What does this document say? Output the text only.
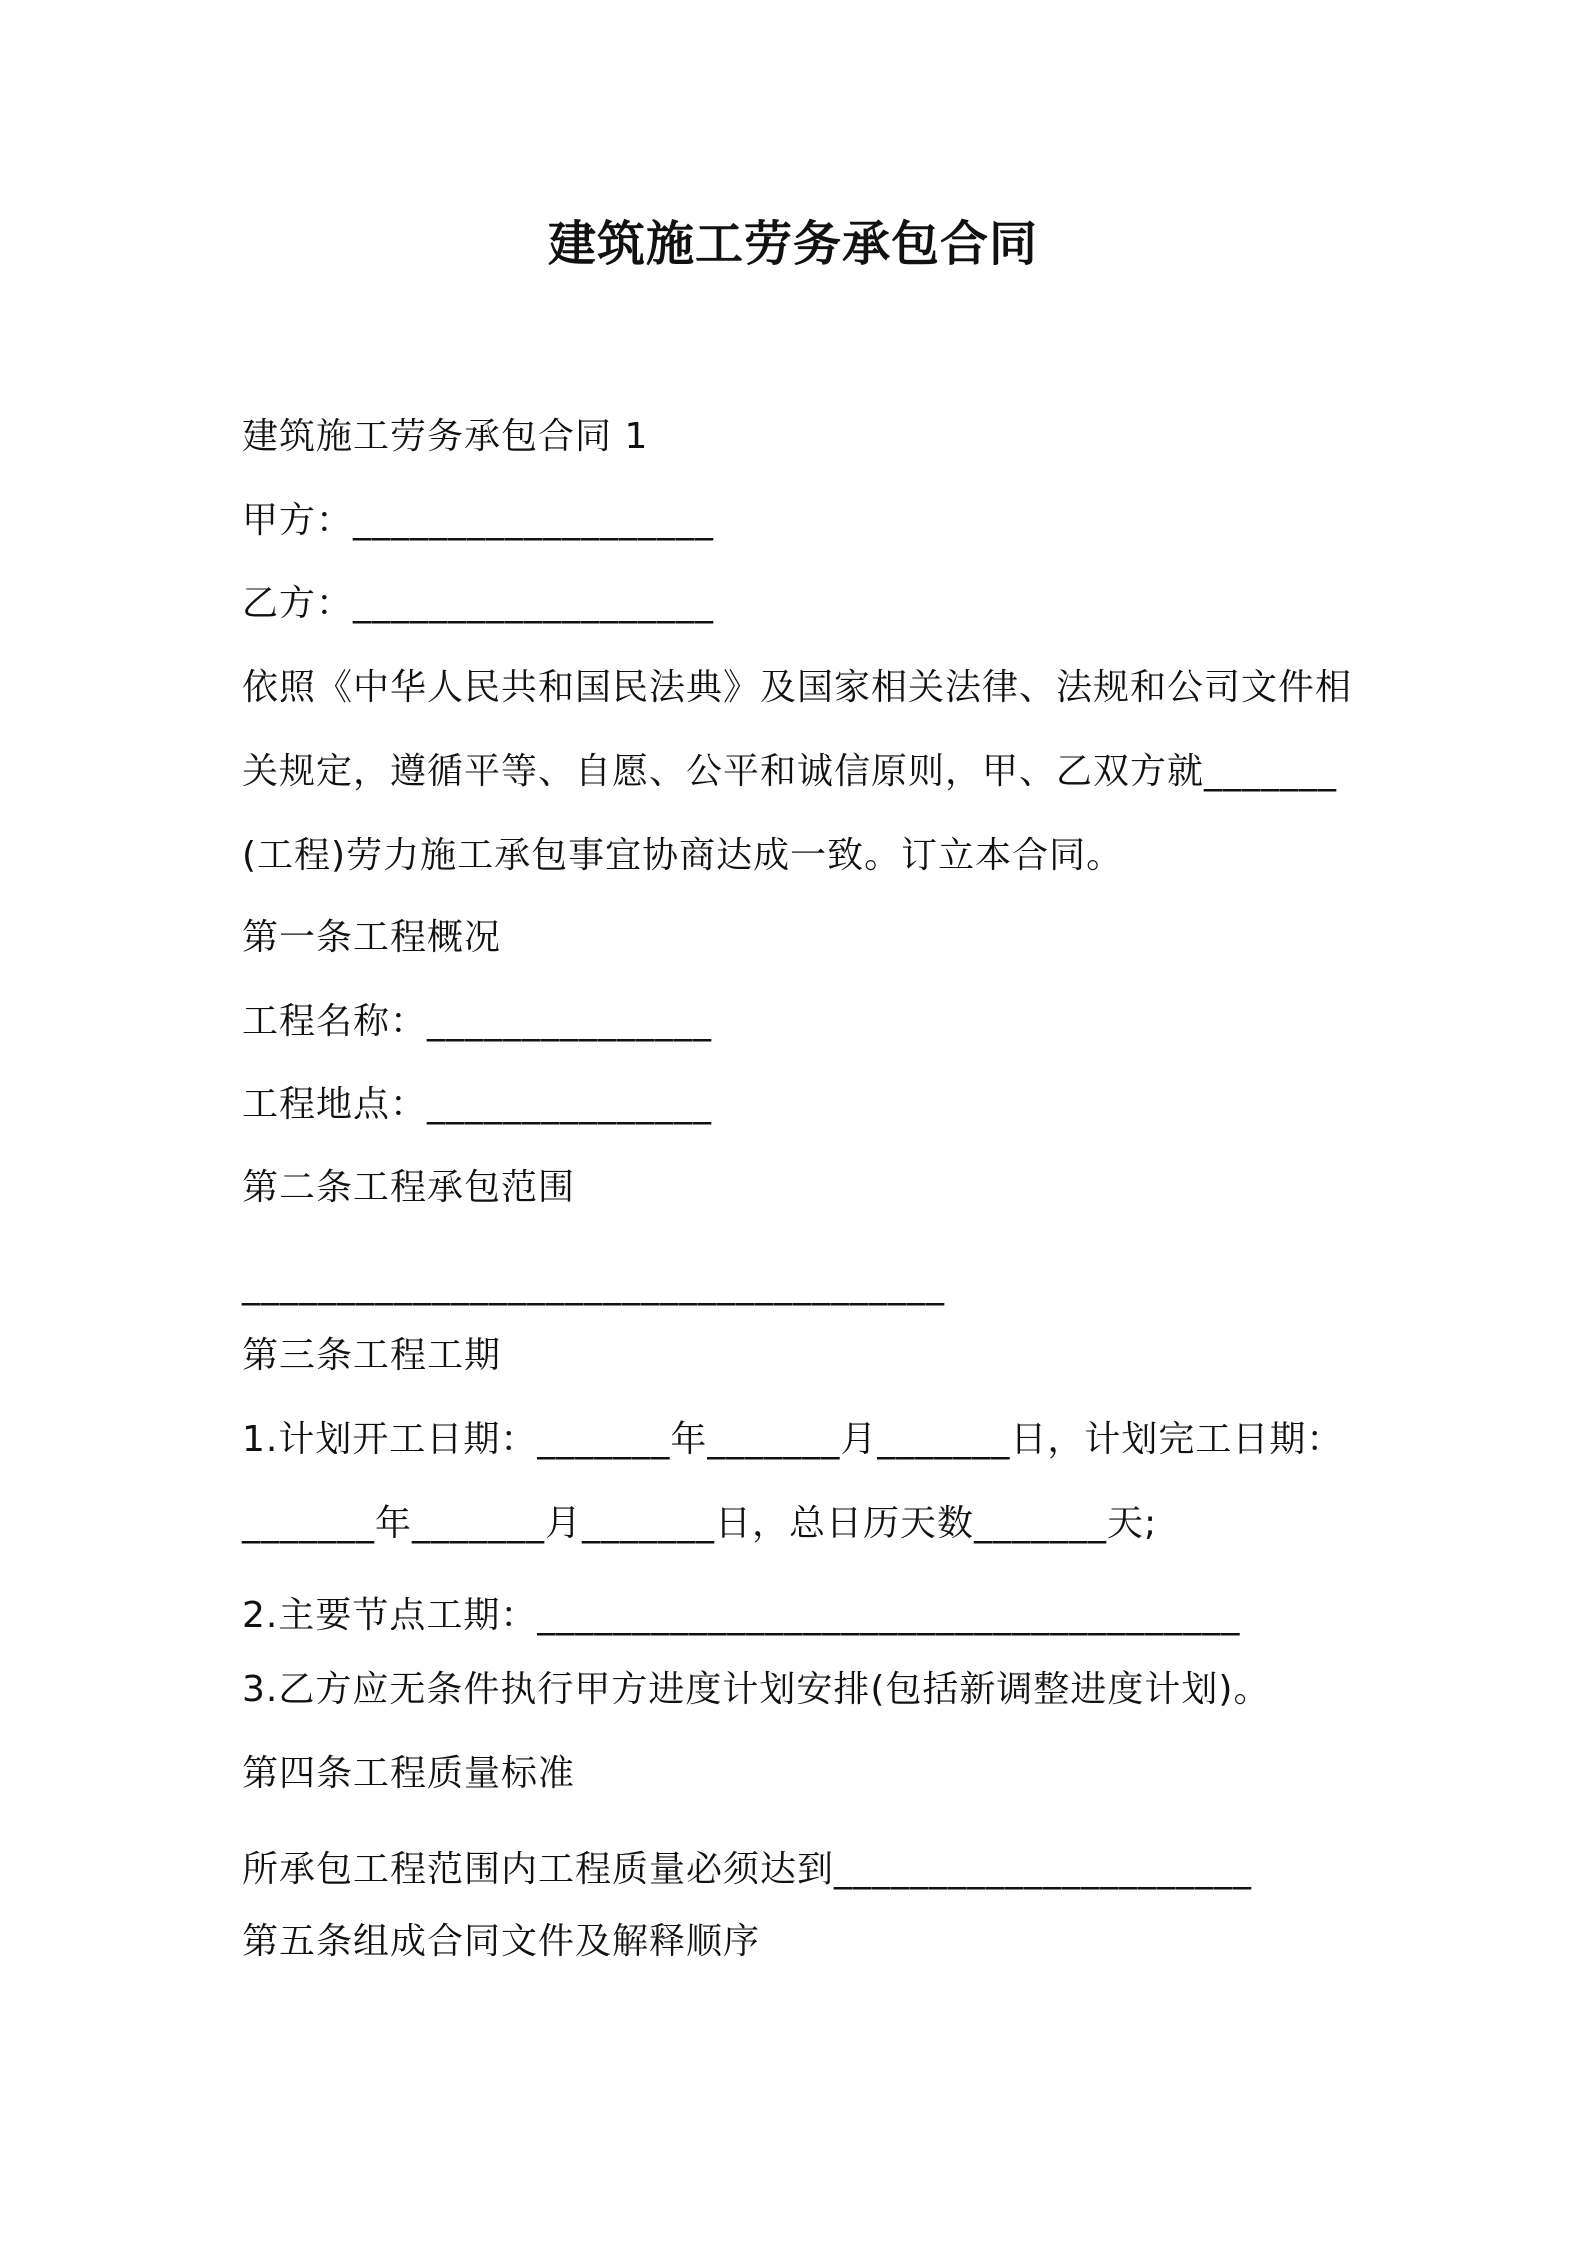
建筑施工劳务承包合同
建筑施工劳务承包合同 1
甲方：___________________
乙方：___________________
依照《中华人民共和国民法典》及国家相关法律、法规和公司文件相关规定，遵循平等、自愿、公平和诚信原则，甲、乙双方就_______(工程)劳力施工承包事宜协商达成一致。订立本合同。
第一条工程概况
工程名称：_______________
工程地点：_______________
第二条工程承包范围
_____________________________________
第三条工程工期
1.计划开工日期：_______年_______月_______日，计划完工日期：_______年_______月_______日，总日历天数_______天;
2.主要节点工期：_____________________________________
3.乙方应无条件执行甲方进度计划安排(包括新调整进度计划)。
第四条工程质量标准
所承包工程范围内工程质量必须达到______________________
第五条组成合同文件及解释顺序
